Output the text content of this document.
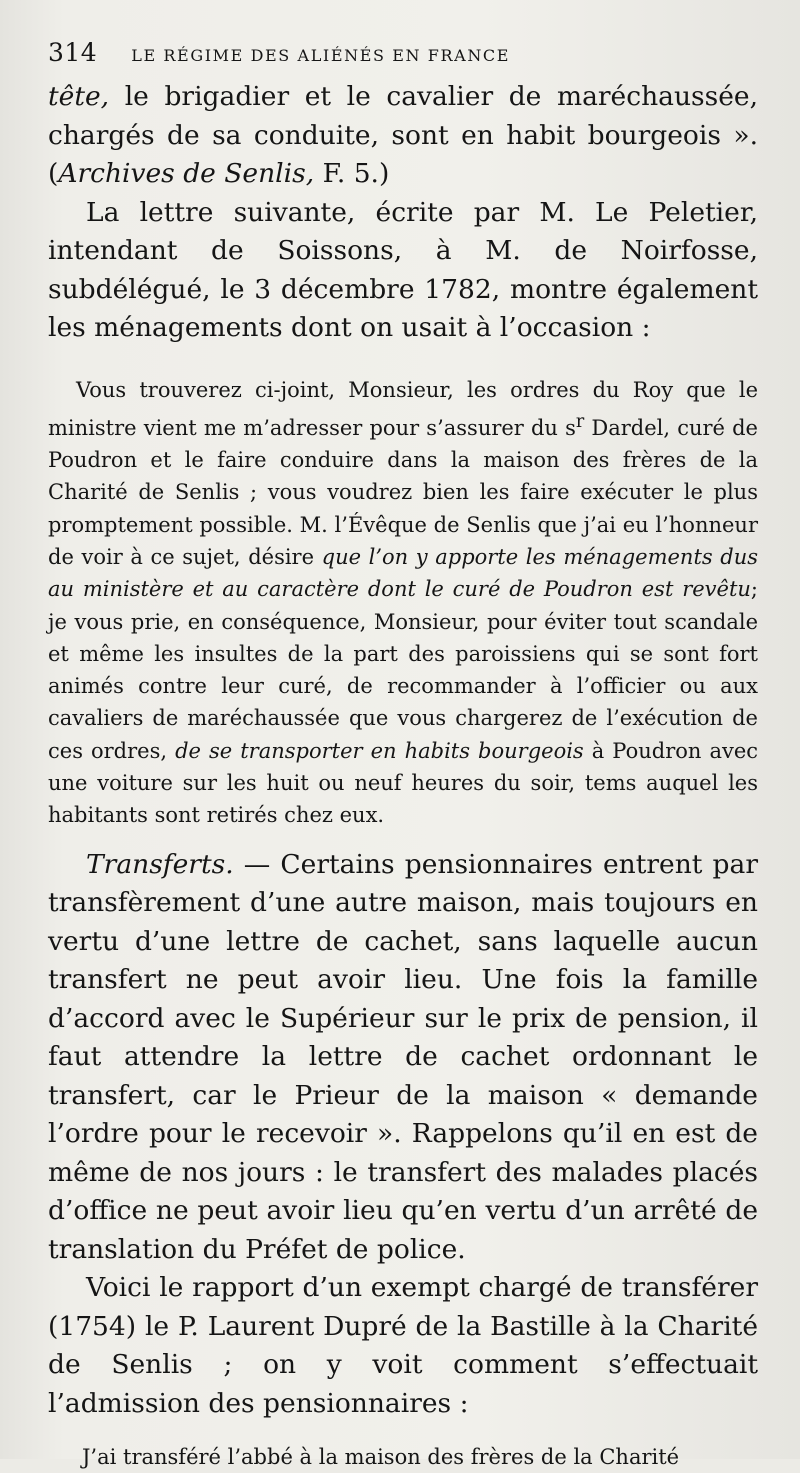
314 LE RÉGIME DES ALIÉNÉS EN FRANCE

tête, le brigadier et le cavalier de maréchaussée, chargés de sa conduite, sont en habit bourgeois ». (Archives de Senlis, F. 5.)

La lettre suivante, écrite par M. Le Peletier, intendant de Soissons, à M. de Noirfosse, subdélégué, le 3 décembre 1782, montre également les ménagements dont on usait à l’occasion :

Vous trouverez ci-joint, Monsieur, les ordres du Roy que le ministre vient me m’adresser pour s’assurer du $s^r$ Dardel, curé de Poudron et le faire conduire dans la maison des frères de la Charité de Senlis ; vous voudrez bien les faire exécuter le plus promptement possible. M. l’Évêque de Senlis que j’ai eu l’honneur de voir à ce sujet, désire que l’on y apporte les ménagements dus au ministère et au caractère dont le curé de Poudron est revêtu; je vous prie, en conséquence, Monsieur, pour éviter tout scandale et même les insultes de la part des paroissiens qui se sont fort animés contre leur curé, de recommander à l’officier ou aux cavaliers de maréchaussée que vous chargerez de l’exécution de ces ordres, de se transporter en habits bourgeois à Poudron avec une voiture sur les huit ou neuf heures du soir, tems auquel les habitants sont retirés chez eux.

Transferts. — Certains pensionnaires entrent par transfèrement d’une autre maison, mais toujours en vertu d’une lettre de cachet, sans laquelle aucun transfert ne peut avoir lieu. Une fois la famille d’accord avec le Supérieur sur le prix de pension, il faut attendre la lettre de cachet ordonnant le transfert, car le Prieur de la maison « demande l’ordre pour le recevoir ». Rappelons qu’il en est de même de nos jours : le transfert des malades placés d’office ne peut avoir lieu qu’en vertu d’un arrêté de translation du Préfet de police.

Voici le rapport d’un exempt chargé de transférer (1754) le P. Laurent Dupré de la Bastille à la Charité de Senlis ; on y voit comment s’effectuait l’admission des pensionnaires :

J’ai transféré l’abbé à la maison des frères de la Charité
